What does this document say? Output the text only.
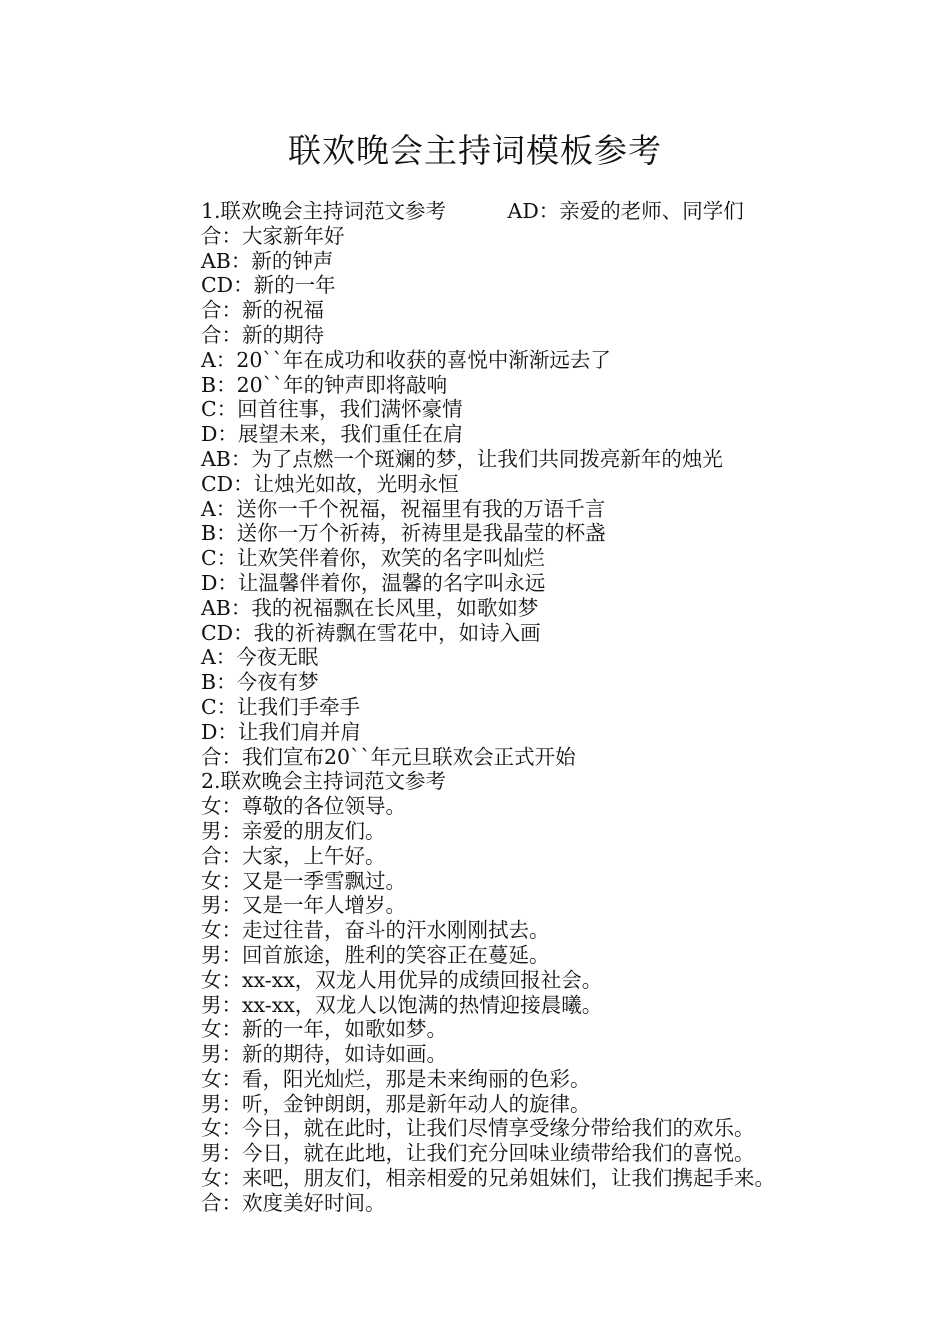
联欢晚会主持词模板参考
1.联欢晚会主持词范文参考　　　AD：亲爱的老师、同学们
合：大家新年好
AB：新的钟声
CD：新的一年
合：新的祝福
合：新的期待
A：20``年在成功和收获的喜悦中渐渐远去了
B：20``年的钟声即将敲响
C：回首往事，我们满怀豪情
D：展望未来，我们重任在肩
AB：为了点燃一个斑斓的梦，让我们共同拨亮新年的烛光
CD：让烛光如故，光明永恒
A：送你一千个祝福，祝福里有我的万语千言
B：送你一万个祈祷，祈祷里是我晶莹的杯盏
C：让欢笑伴着你，欢笑的名字叫灿烂
D：让温馨伴着你，温馨的名字叫永远
AB：我的祝福飘在长风里，如歌如梦
CD：我的祈祷飘在雪花中，如诗入画
A：今夜无眠
B：今夜有梦
C：让我们手牵手
D：让我们肩并肩
合：我们宣布20``年元旦联欢会正式开始
2.联欢晚会主持词范文参考
女：尊敬的各位领导。
男：亲爱的朋友们。
合：大家，上午好。
女：又是一季雪飘过。
男：又是一年人增岁。
女：走过往昔，奋斗的汗水刚刚拭去。
男：回首旅途，胜利的笑容正在蔓延。
女：xx-xx，双龙人用优异的成绩回报社会。
男：xx-xx，双龙人以饱满的热情迎接晨曦。
女：新的一年，如歌如梦。
男：新的期待，如诗如画。
女：看，阳光灿烂，那是未来绚丽的色彩。
男：听，金钟朗朗，那是新年动人的旋律。
女：今日，就在此时，让我们尽情享受缘分带给我们的欢乐。
男：今日，就在此地，让我们充分回味业绩带给我们的喜悦。
女：来吧，朋友们，相亲相爱的兄弟姐妹们，让我们携起手来。
合：欢度美好时间。
